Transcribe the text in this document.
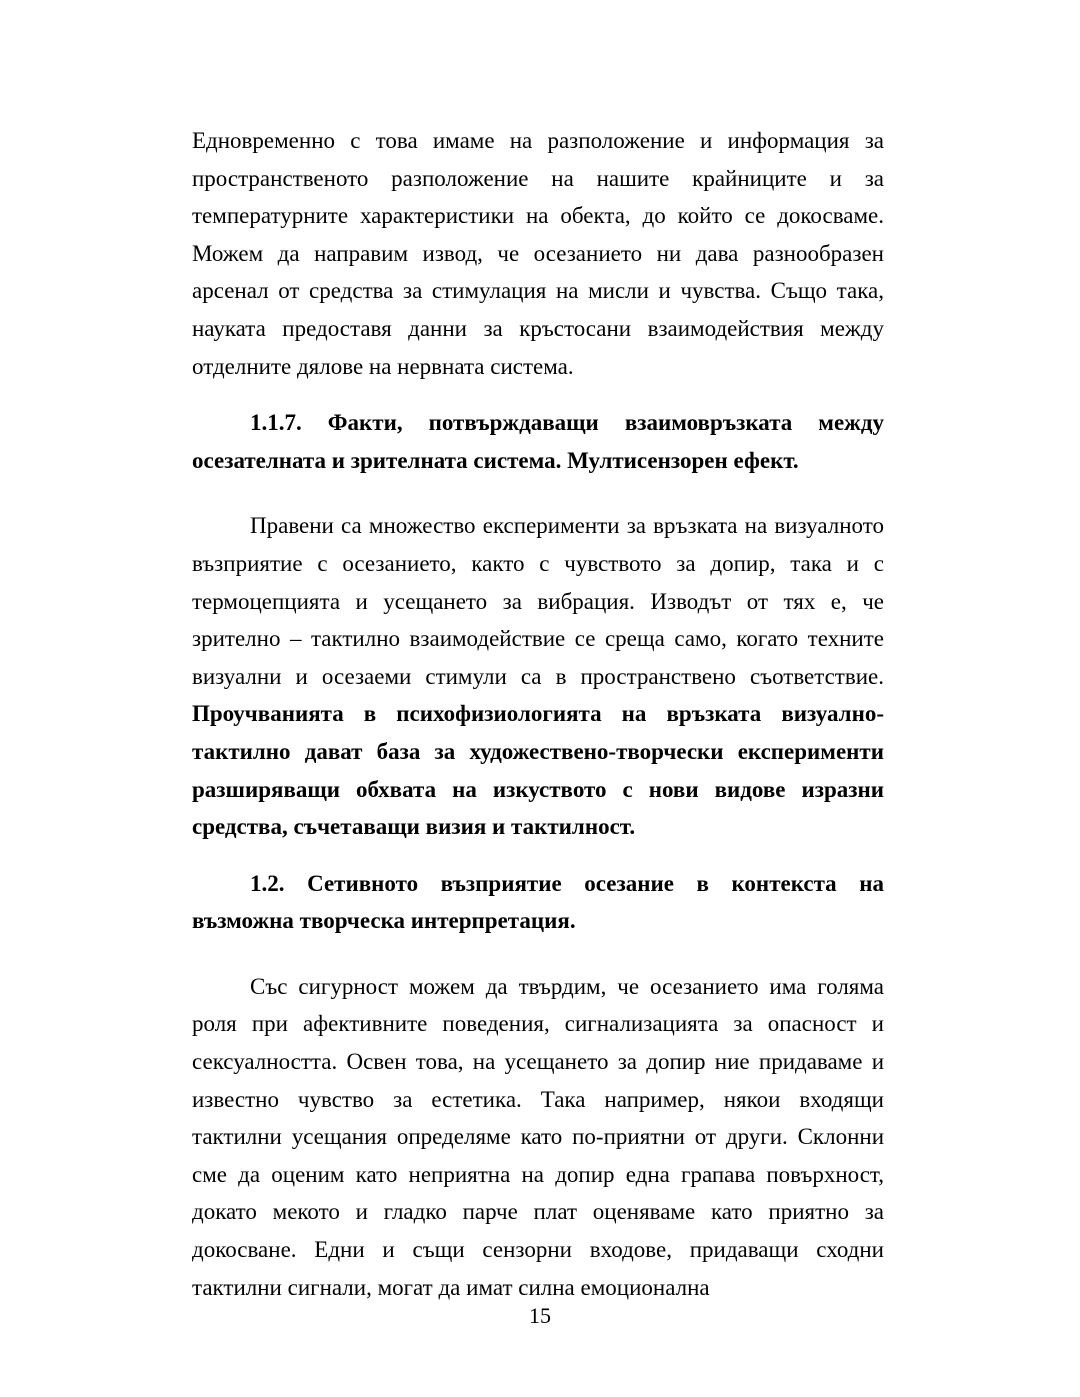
Едновременно с това имаме на разположение и информация за пространственото разположение на нашите крайниците и за температурните характеристики на обекта, до който се докосваме. Можем да направим извод, че осезанието ни дава разнообразен арсенал от средства за стимулация на мисли и чувства. Също така, науката предоставя данни за кръстосани взаимодействия между отделните дялове на нервната система.

1.1.7. Факти, потвърждаващи взаимовръзката между осезателната и зрителната система. Мултисензорен ефект.

Правени са множество експерименти за връзката на визуалното възприятие с осезанието, както с чувството за допир, така и с термоцепцията и усещането за вибрация. Изводът от тях е, че зрително – тактилно взаимодействие се среща само, когато техните визуални и осезаеми стимули са в пространствено съответствие. Проучванията в психофизиологията на връзката визуално-тактилно дават база за художествено-творчески експерименти разширяващи обхвата на изкуството с нови видове изразни средства, съчетаващи визия и тактилност.

1.2. Сетивното възприятие осезание в контекста на възможна творческа интерпретация.

Със сигурност можем да твърдим, че осезанието има голяма роля при афективните поведения, сигнализацията за опасност и сексуалността. Освен това, на усещането за допир ние придаваме и известно чувство за естетика. Така например, някои входящи тактилни усещания определяме като по-приятни от други. Склонни сме да оценим като неприятна на допир една грапава повърхност, докато мекото и гладко парче плат оценяваме като приятно за докосване. Едни и същи сензорни входове, придаващи сходни тактилни сигнали, могат да имат силна емоционална

15
